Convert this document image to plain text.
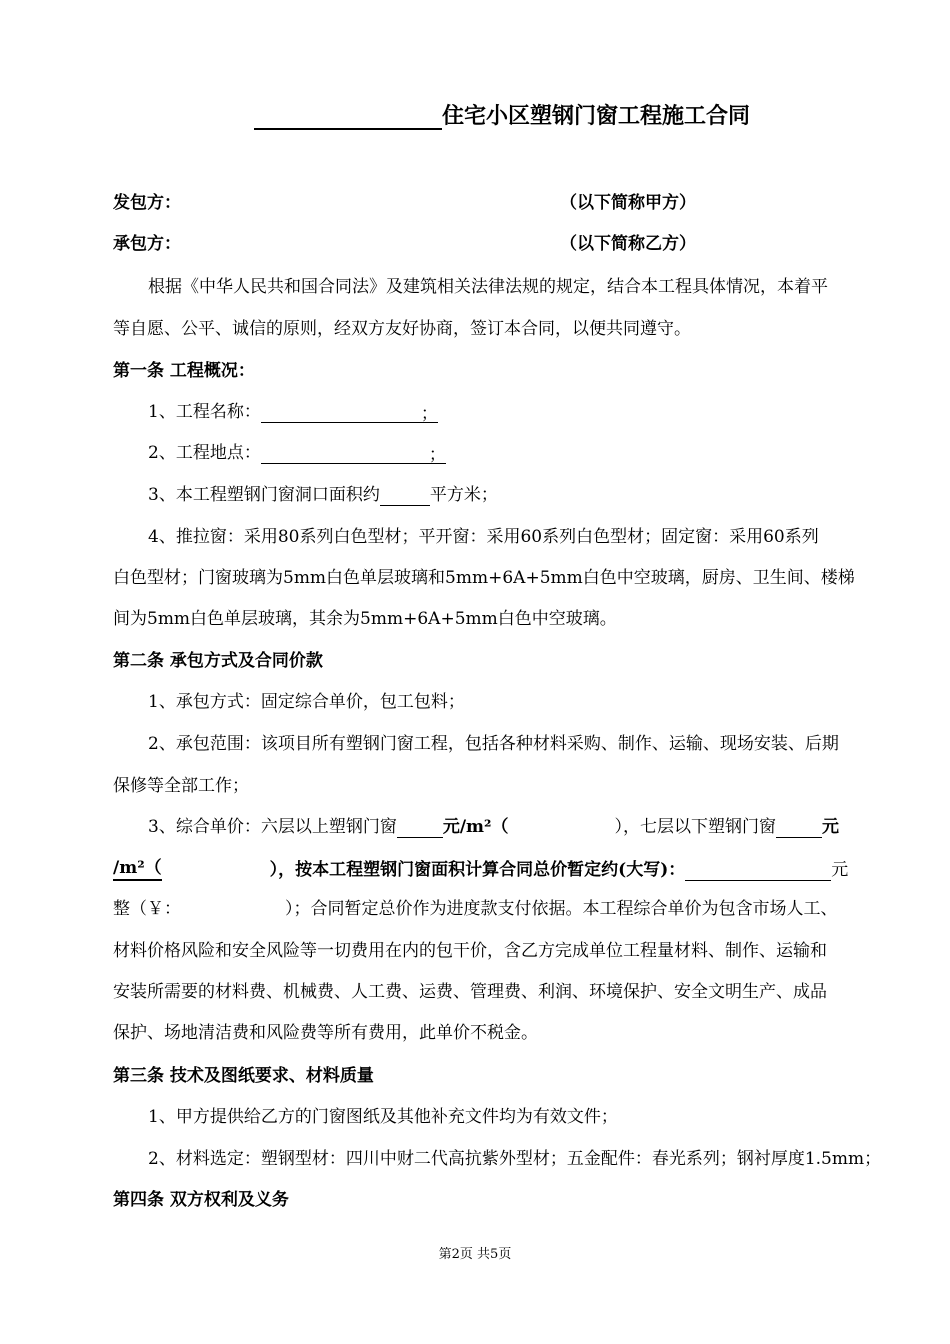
住宅小区塑钢门窗工程施工合同
发包方：	（以下简称甲方）
承包方：	（以下简称乙方）
根据《中华人民共和国合同法》及建筑相关法律法规的规定，结合本工程具体情况，本着平
等自愿、公平、诚信的原则，经双方友好协商，签订本合同，以便共同遵守。
第一条 工程概况：
1、工程名称：	；
2、工程地点：	；
3、本工程塑钢门窗洞口面积约	平方米；
4、推拉窗：采用80系列白色型材；平开窗：采用60系列白色型材；固定窗：采用60系列
白色型材；门窗玻璃为5mm白色单层玻璃和5mm+6A+5mm白色中空玻璃，厨房、卫生间、楼梯
间为5mm白色单层玻璃，其余为5mm+6A+5mm白色中空玻璃。
第二条 承包方式及合同价款
1、承包方式：固定综合单价，包工包料；
2、承包范围：该项目所有塑钢门窗工程，包括各种材料采购、制作、运输、现场安装、后期
保修等全部工作；
3、综合单价：六层以上塑钢门窗	元/m²（	），七层以下塑钢门窗	元
/m²（	），按本工程塑钢门窗面积计算合同总价暂定约(大写)：	元
整（￥：	）；合同暂定总价作为进度款支付依据。本工程综合单价为包含市场人工、
材料价格风险和安全风险等一切费用在内的包干价，含乙方完成单位工程量材料、制作、运输和
安装所需要的材料费、机械费、人工费、运费、管理费、利润、环境保护、安全文明生产、成品
保护、场地清洁费和风险费等所有费用，此单价不税金。
第三条 技术及图纸要求、材料质量
1、甲方提供给乙方的门窗图纸及其他补充文件均为有效文件；
2、材料选定：塑钢型材：四川中财二代高抗紫外型材；五金配件：春光系列；钢衬厚度1.5mm；
第四条 双方权利及义务
第2页 共5页
